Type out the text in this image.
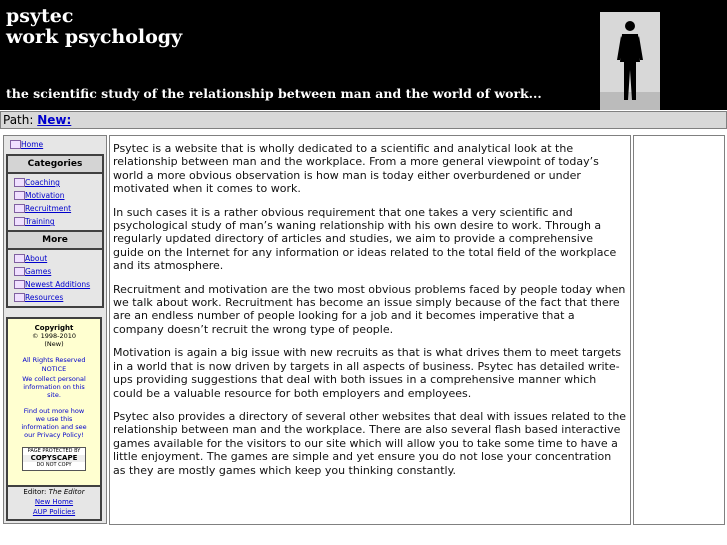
psytec
work psychology
the scientific study of the relationship between man and the world of work...
Path: New:
Home
Categories
Coaching
Motivation
Recruitment
Training
More
About
Games
Newest Additions
Resources
Copyright
© 1998-2010
(New)
All Rights Reserved
NOTICE
We collect personal information on this site.
Find out more how we use this information and see our Privacy Policy!
PAGE PROTECTED BY
COPYSCAPE
DO NOT COPY
Editor: The Editor
New Home
AUP Policies

Psytec is a website that is wholly dedicated to a scientific and analytical look at the relationship between man and the workplace. From a more general viewpoint of today’s world a more obvious observation is how man is today either overburdened or under motivated when it comes to work.

In such cases it is a rather obvious requirement that one takes a very scientific and psychological study of man’s waning relationship with his own desire to work. Through a regularly updated directory of articles and studies, we aim to provide a comprehensive guide on the Internet for any information or ideas related to the total field of the workplace and its atmosphere.

Recruitment and motivation are the two most obvious problems faced by people today when we talk about work. Recruitment has become an issue simply because of the fact that there are an endless number of people looking for a job and it becomes imperative that a company doesn’t recruit the wrong type of people.

Motivation is again a big issue with new recruits as that is what drives them to meet targets in a world that is now driven by targets in all aspects of business. Psytec has detailed write-ups providing suggestions that deal with both issues in a comprehensive manner which could be a valuable resource for both employers and employees.

Psytec also provides a directory of several other websites that deal with issues related to the relationship between man and the workplace. There are also several flash based interactive games available for the visitors to our site which will allow you to take some time to have a little enjoyment. The games are simple and yet ensure you do not lose your concentration as they are mostly games which keep you thinking constantly.
